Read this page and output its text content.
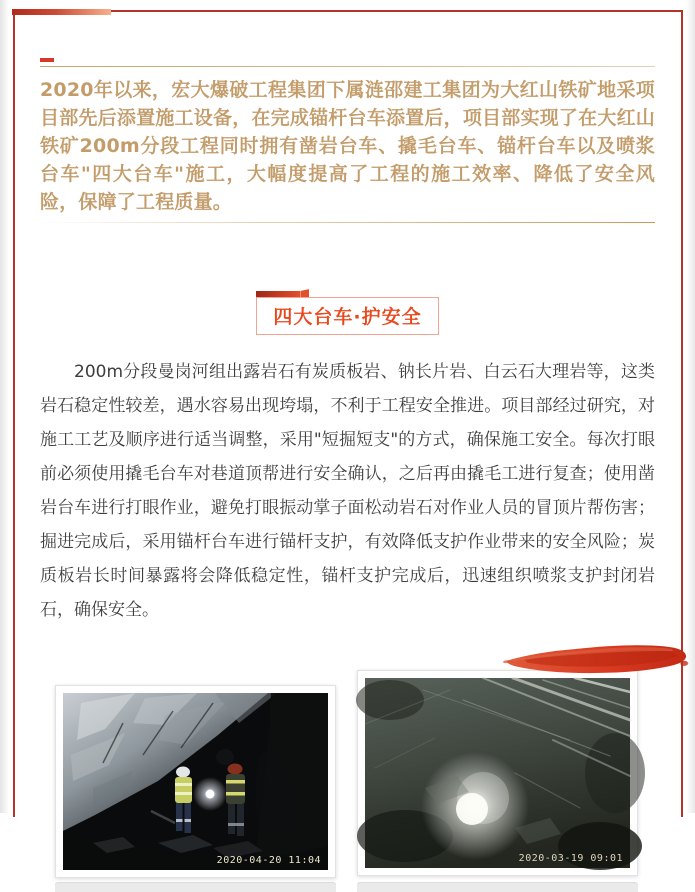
2020年以来，宏大爆破工程集团下属涟邵建工集团为大红山铁矿地采项目部先后添置施工设备，在完成锚杆台车添置后，项目部实现了在大红山铁矿200m分段工程同时拥有凿岩台车、撬毛台车、锚杆台车以及喷浆台车"四大台车"施工，大幅度提高了工程的施工效率、降低了安全风险，保障了工程质量。

四大台车·护安全

200m分段曼岗河组出露岩石有炭质板岩、钠长片岩、白云石大理岩等，这类岩石稳定性较差，遇水容易出现垮塌，不利于工程安全推进。项目部经过研究，对施工工艺及顺序进行适当调整，采用"短掘短支"的方式，确保施工安全。每次打眼前必须使用撬毛台车对巷道顶帮进行安全确认，之后再由撬毛工进行复查；使用凿岩台车进行打眼作业，避免打眼振动掌子面松动岩石对作业人员的冒顶片帮伤害；掘进完成后，采用锚杆台车进行锚杆支护，有效降低支护作业带来的安全风险；炭质板岩长时间暴露将会降低稳定性，锚杆支护完成后，迅速组织喷浆支护封闭岩石，确保安全。

2020-04-20 11:04	2020-03-19 09:01
